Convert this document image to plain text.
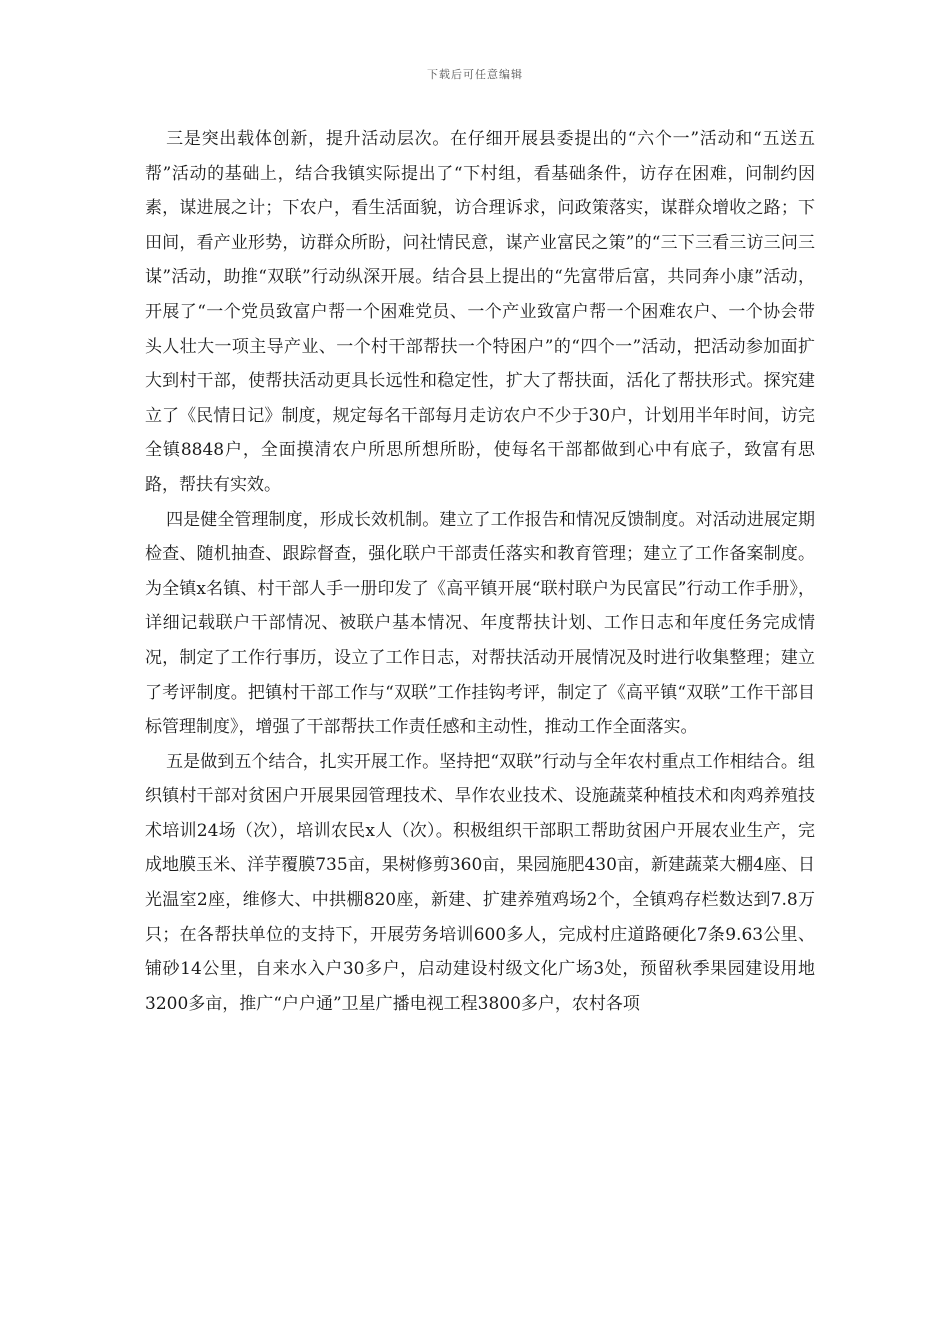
下载后可任意编辑

三是突出载体创新，提升活动层次。在仔细开展县委提出的“六个一”活动和“五送五帮”活动的基础上，结合我镇实际提出了“下村组，看基础条件，访存在困难，问制约因素，谋进展之计；下农户，看生活面貌，访合理诉求，问政策落实，谋群众增收之路；下田间，看产业形势，访群众所盼，问社情民意，谋产业富民之策”的“三下三看三访三问三谋”活动，助推“双联”行动纵深开展。结合县上提出的“先富带后富，共同奔小康”活动，开展了“一个党员致富户帮一个困难党员、一个产业致富户帮一个困难农户、一个协会带头人壮大一项主导产业、一个村干部帮扶一个特困户”的“四个一”活动，把活动参加面扩大到村干部，使帮扶活动更具长远性和稳定性，扩大了帮扶面，活化了帮扶形式。探究建立了《民情日记》制度，规定每名干部每月走访农户不少于30户，计划用半年时间，访完全镇8848户，全面摸清农户所思所想所盼，使每名干部都做到心中有底子，致富有思路，帮扶有实效。

四是健全管理制度，形成长效机制。建立了工作报告和情况反馈制度。对活动进展定期检查、随机抽查、跟踪督查，强化联户干部责任落实和教育管理；建立了工作备案制度。为全镇x名镇、村干部人手一册印发了《高平镇开展“联村联户为民富民”行动工作手册》，详细记载联户干部情况、被联户基本情况、年度帮扶计划、工作日志和年度任务完成情况，制定了工作行事历，设立了工作日志，对帮扶活动开展情况及时进行收集整理；建立了考评制度。把镇村干部工作与“双联”工作挂钩考评，制定了《高平镇“双联”工作干部目标管理制度》，增强了干部帮扶工作责任感和主动性，推动工作全面落实。

五是做到五个结合，扎实开展工作。坚持把“双联”行动与全年农村重点工作相结合。组织镇村干部对贫困户开展果园管理技术、旱作农业技术、设施蔬菜种植技术和肉鸡养殖技术培训24场（次），培训农民x人（次）。积极组织干部职工帮助贫困户开展农业生产，完成地膜玉米、洋芋覆膜735亩，果树修剪360亩，果园施肥430亩，新建蔬菜大棚4座、日光温室2座，维修大、中拱棚820座，新建、扩建养殖鸡场2个，全镇鸡存栏数达到7.8万只；在各帮扶单位的支持下，开展劳务培训600多人，完成村庄道路硬化7条9.63公里、铺砂14公里，自来水入户30多户，启动建设村级文化广场3处，预留秋季果园建设用地3200多亩，推广“户户通”卫星广播电视工程3800多户，农村各项
